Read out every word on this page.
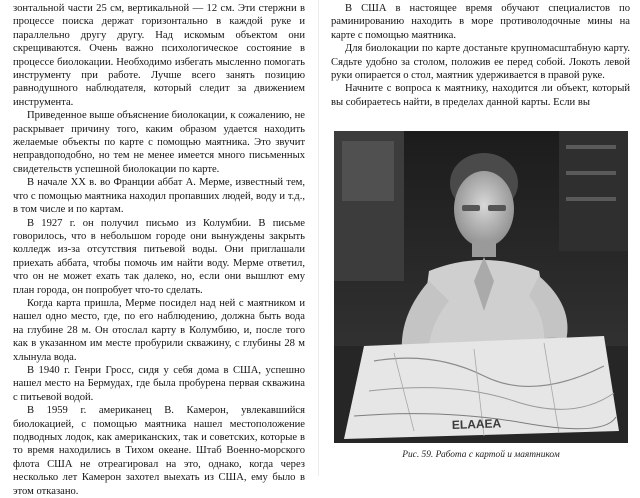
зонтальной части 25 см, вертикальной — 12 см. Эти стержни в процессе поиска держат горизонтально в каждой руке и параллельно другу другу. Над искомым объектом они скрещиваются. Очень важно психологическое состояние в процессе биолокации. Необходимо избегать мысленно помогать инструменту при работе. Лучше всего занять позицию равнодушного наблюдателя, который следит за движением инструмента.

Приведенное выше объяснение биолокации, к сожалению, не раскрывает причину того, каким образом удается находить желаемые объекты по карте с помощью маятника. Это звучит неправдоподобно, но тем не менее имеется много письменных свидетельств успешной биолокации по карте.

В начале XX в. во Франции аббат А. Мерме, известный тем, что с помощью маятника находил пропавших людей, воду и т.д., в том числе и по картам.

В 1927 г. он получил письмо из Колумбии. В письме говорилось, что в небольшом городе они вынуждены закрыть колледж из-за отсутствия питьевой воды. Они приглашали приехать аббата, чтобы помочь им найти воду. Мерме ответил, что он не может ехать так далеко, но, если они вышлют ему план города, он попробует что-то сделать.

Когда карта пришла, Мерме посидел над ней с маятником и нашел одно место, где, по его наблюдению, должна быть вода на глубине 28 м. Он отослал карту в Колумбию, и, после того как в указанном им месте пробурили скважину, с глубины 28 м хлынула вода.

В 1940 г. Генри Гросс, сидя у себя дома в США, успешно нашел место на Бермудах, где была пробурена первая скважина с питьевой водой.

В 1959 г. американец В. Камерон, увлекавшийся биолокацией, с помощью маятника нашел местоположение подводных лодок, как американских, так и советских, которые в то время находились в Тихом океане. Штаб Военно-морского флота США не отреагировал на это, однако, когда через несколько лет Камерон захотел выехать из США, ему было в этом отказано.

В США в настоящее время обучают специалистов по раминированию находить в море противолодочные мины на карте с помощью маятника.

Для биолокации по карте достаньте крупномасштабную карту. Сядьте удобно за столом, положив ее перед собой. Локоть левой руки опирается о стол, маятник удерживается в правой руке.

Начните с вопроса к маятнику, находится ли объект, который вы собираетесь найти, в пределах данной карты. Если вы

ELAAEA
Рис. 59. Работа с картой и маятником
